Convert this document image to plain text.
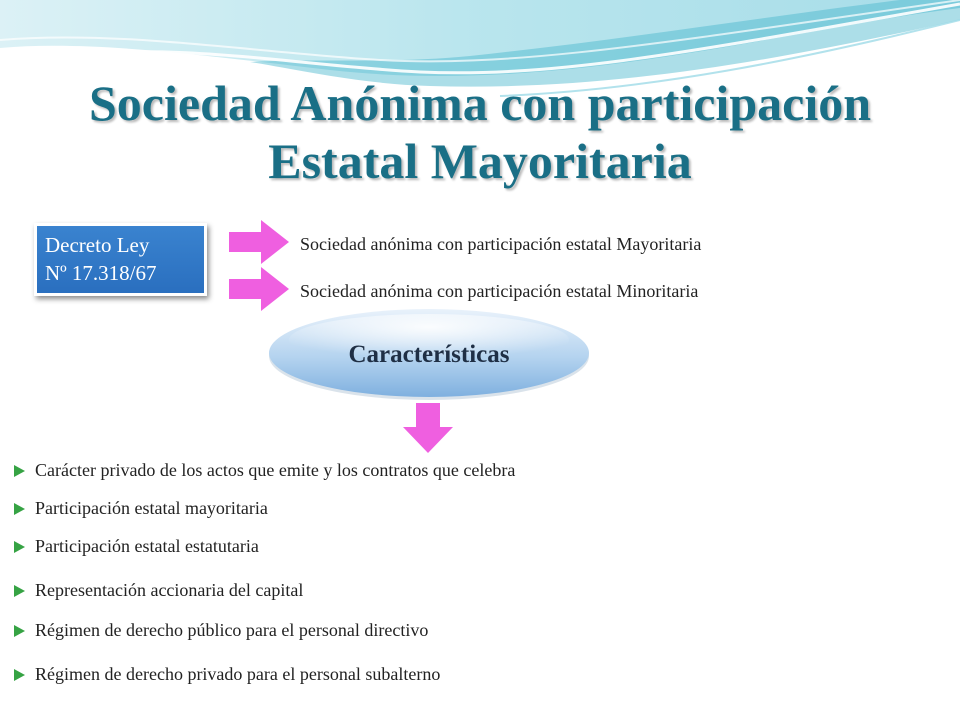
Sociedad Anónima con participación Estatal Mayoritaria
Decreto Ley
Nº 17.318/67
Sociedad anónima con participación estatal Mayoritaria
Sociedad anónima con participación estatal Minoritaria
Características
Carácter privado de los actos que emite y los contratos que celebra
Participación estatal mayoritaria
Participación estatal estatutaria
Representación accionaria del capital
Régimen de derecho público para el personal directivo
Régimen de derecho privado para el personal subalterno
